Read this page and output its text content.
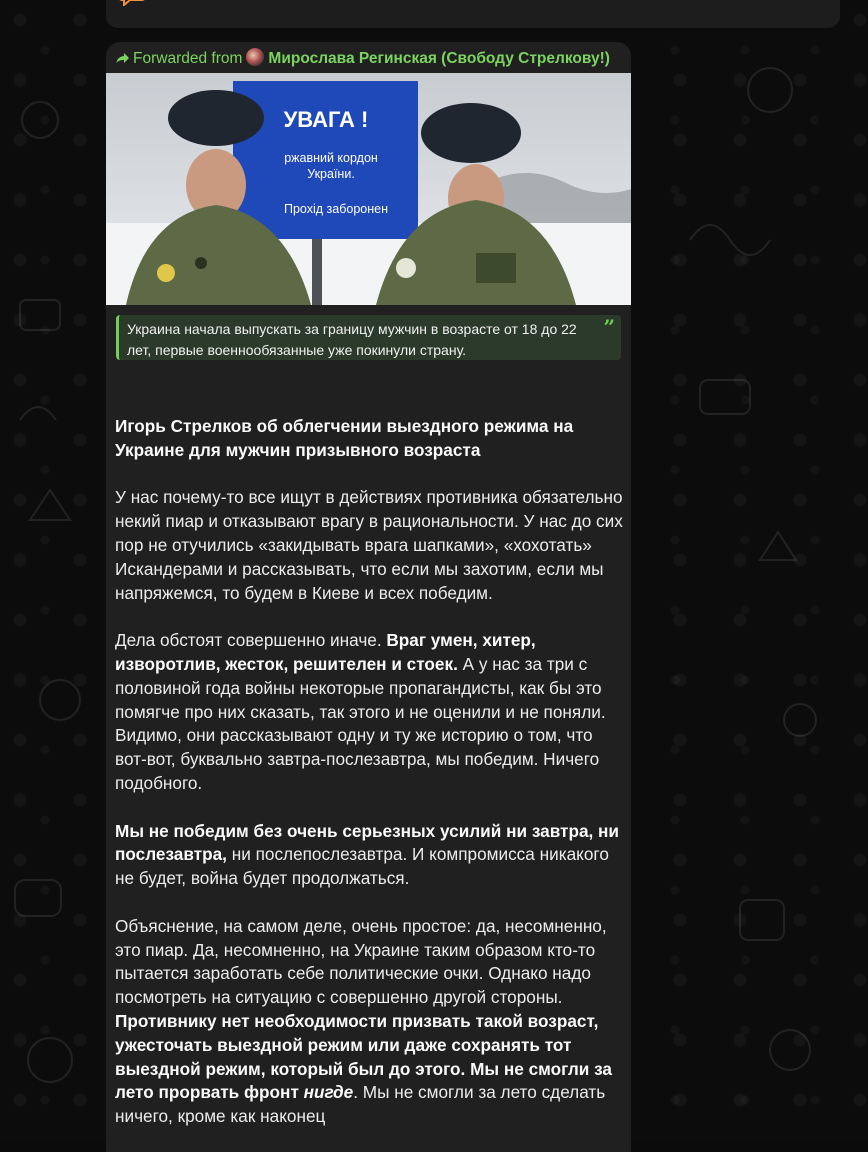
Forwarded from Мирослава Регинская (Свободу Стрелкову!)
УВАГА !
ржавний кордон
України.
Прохід заборонен
Украина начала выпускать за границу мужчин в возрасте от 18 до 22 лет, первые военнообязанные уже покинули страну.
”

Игорь Стрелков об облегчении выездного режима на Украине для мужчин призывного возраста

У нас почему-то все ищут в действиях противника обязательно некий пиар и отказывают врагу в рациональности. У нас до сих пор не отучились «закидывать врага шапками», «хохотать» Искандерами и рассказывать, что если мы захотим, если мы напряжемся, то будем в Киеве и всех победим.

Дела обстоят совершенно иначе. Враг умен, хитер, изворотлив, жесток, решителен и стоек. А у нас за три с половиной года войны некоторые пропагандисты, как бы это помягче про них сказать, так этого и не оценили и не поняли. Видимо, они рассказывают одну и ту же историю о том, что вот-вот, буквально завтра-послезавтра, мы победим. Ничего подобного.

Мы не победим без очень серьезных усилий ни завтра, ни послезавтра, ни послепослезавтра. И компромисса никакого не будет, война будет продолжаться.

Объяснение, на самом деле, очень простое: да, несомненно, это пиар. Да, несомненно, на Украине таким образом кто-то пытается заработать себе политические очки. Однако надо посмотреть на ситуацию с совершенно другой стороны. Противнику нет необходимости призвать такой возраст, ужесточать выездной режим или даже сохранять тот выездной режим, который был до этого. Мы не смогли за лето прорвать фронт нигде. Мы не смогли за лето сделать ничего, кроме как наконец
